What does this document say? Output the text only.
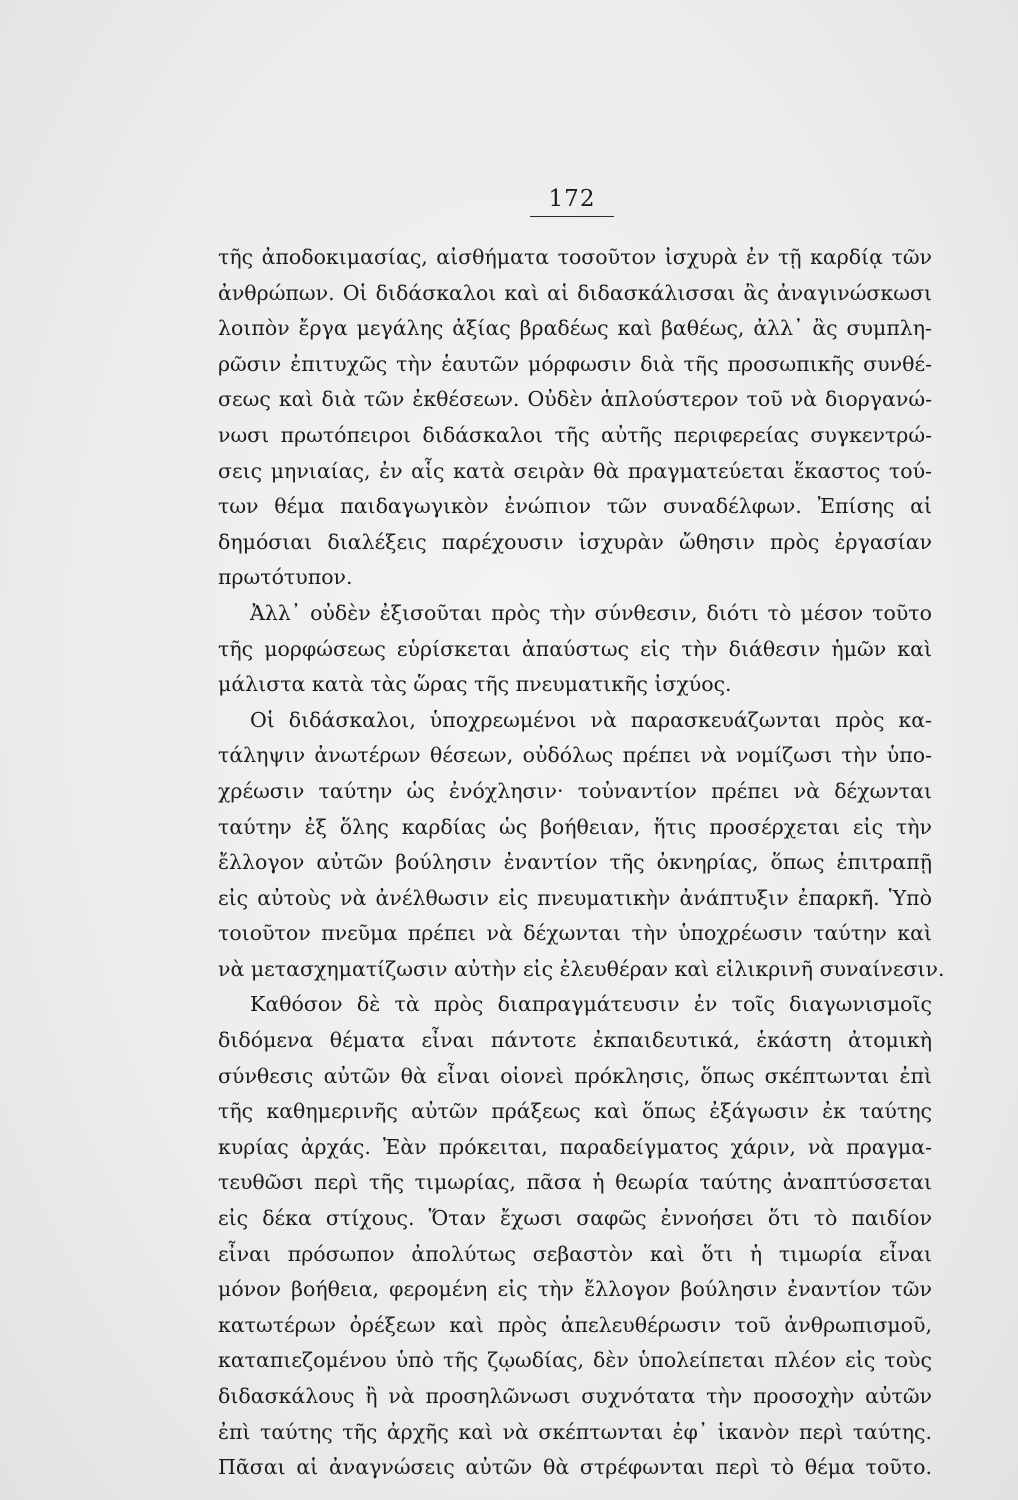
172
τῆς ἀποδοκιμασίας, αἰσθήματα τοσοῦτον ἰσχυρὰ ἐν τῇ καρδίᾳ τῶν
ἀνθρώπων. Οἱ διδάσκαλοι καὶ αἱ διδασκάλισσαι ἂς ἀναγινώσκωσι
λοιπὸν ἔργα μεγάλης ἀξίας βραδέως καὶ βαθέως, ἀλλ᾽ ἂς συμπλη-
ρῶσιν ἐπιτυχῶς τὴν ἑαυτῶν μόρφωσιν διὰ τῆς προσωπικῆς συνθέ-
σεως καὶ διὰ τῶν ἐκθέσεων. Οὐδὲν ἁπλούστερον τοῦ νὰ διοργανώ-
νωσι πρωτόπειροι διδάσκαλοι τῆς αὐτῆς περιφερείας συγκεντρώ-
σεις μηνιαίας, ἐν αἷς κατὰ σειρὰν θὰ πραγματεύεται ἕκαστος τού-
των θέμα παιδαγωγικὸν ἐνώπιον τῶν συναδέλφων. Ἐπίσης αἱ
δημόσιαι διαλέξεις παρέχουσιν ἰσχυρὰν ὤθησιν πρὸς ἐργασίαν
πρωτότυπον.
Ἀλλ᾽ οὐδὲν ἐξισοῦται πρὸς τὴν σύνθεσιν, διότι τὸ μέσον τοῦτο
τῆς μορφώσεως εὑρίσκεται ἀπαύστως εἰς τὴν διάθεσιν ἡμῶν καὶ
μάλιστα κατὰ τὰς ὥρας τῆς πνευματικῆς ἰσχύος.
Οἱ διδάσκαλοι, ὑποχρεωμένοι νὰ παρασκευάζωνται πρὸς κα-
τάληψιν ἀνωτέρων θέσεων, οὐδόλως πρέπει νὰ νομίζωσι τὴν ὑπο-
χρέωσιν ταύτην ὡς ἐνόχλησιν· τοὐναντίον πρέπει νὰ δέχωνται
ταύτην ἐξ ὅλης καρδίας ὡς βοήθειαν, ἥτις προσέρχεται εἰς τὴν
ἔλλογον αὐτῶν βούλησιν ἐναντίον τῆς ὀκνηρίας, ὅπως ἐπιτραπῇ
εἰς αὐτοὺς νὰ ἀνέλθωσιν εἰς πνευματικὴν ἀνάπτυξιν ἐπαρκῆ. Ὑπὸ
τοιοῦτον πνεῦμα πρέπει νὰ δέχωνται τὴν ὑποχρέωσιν ταύτην καὶ
νὰ μετασχηματίζωσιν αὐτὴν εἰς ἐλευθέραν καὶ εἰλικρινῆ συναίνεσιν.
Καθόσον δὲ τὰ πρὸς διαπραγμάτευσιν ἐν τοῖς διαγωνισμοῖς
διδόμενα θέματα εἶναι πάντοτε ἐκπαιδευτικά, ἑκάστη ἀτομικὴ
σύνθεσις αὐτῶν θὰ εἶναι οἱονεὶ πρόκλησις, ὅπως σκέπτωνται ἐπὶ
τῆς καθημερινῆς αὐτῶν πράξεως καὶ ὅπως ἐξάγωσιν ἐκ ταύτης
κυρίας ἀρχάς. Ἐὰν πρόκειται, παραδείγματος χάριν, νὰ πραγμα-
τευθῶσι περὶ τῆς τιμωρίας, πᾶσα ἡ θεωρία ταύτης ἀναπτύσσεται
εἰς δέκα στίχους. Ὅταν ἔχωσι σαφῶς ἐννοήσει ὅτι τὸ παιδίον
εἶναι πρόσωπον ἀπολύτως σεβαστὸν καὶ ὅτι ἡ τιμωρία εἶναι
μόνον βοήθεια, φερομένη εἰς τὴν ἔλλογον βούλησιν ἐναντίον τῶν
κατωτέρων ὀρέξεων καὶ πρὸς ἀπελευθέρωσιν τοῦ ἀνθρωπισμοῦ,
καταπιεζομένου ὑπὸ τῆς ζῳωδίας, δὲν ὑπολείπεται πλέον εἰς τοὺς
διδασκάλους ἢ νὰ προσηλῶνωσι συχνότατα τὴν προσοχὴν αὐτῶν
ἐπὶ ταύτης τῆς ἀρχῆς καὶ νὰ σκέπτωνται ἐφ᾽ ἱκανὸν περὶ ταύτης.
Πᾶσαι αἱ ἀναγνώσεις αὐτῶν θὰ στρέφωνται περὶ τὸ θέμα τοῦτο.
